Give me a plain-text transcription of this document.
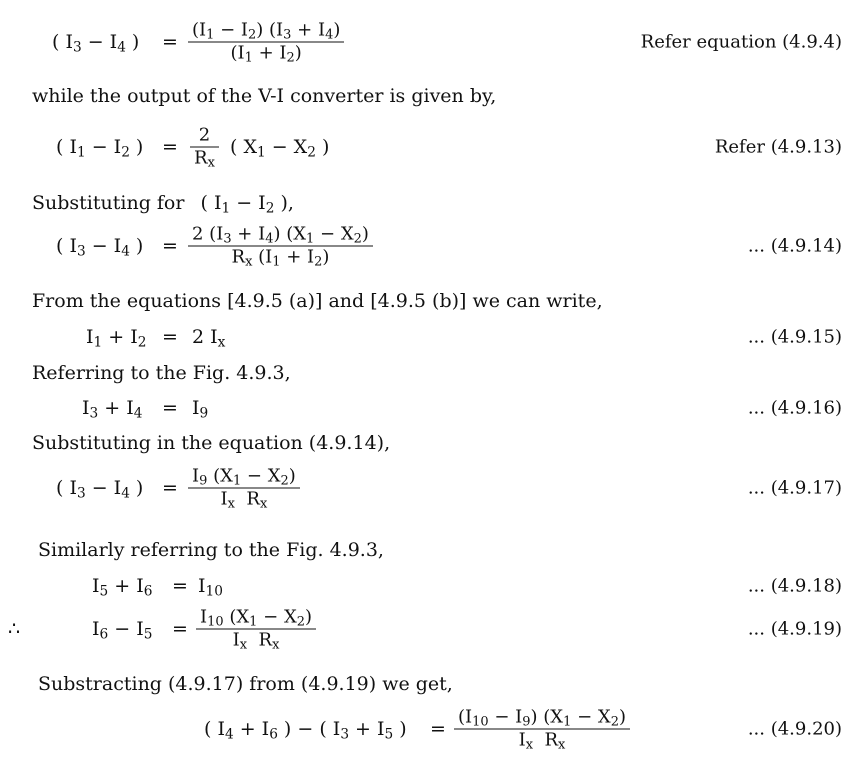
( $I_3 - I_4$ ) = $\frac{(I_1 - I_2) (I_3 + I_4)}{(I_1 + I_2)}$	Refer equation (4.9.4)
while the output of the V-I converter is given by,
( $I_1 - I_2$ ) = $\frac{2}{R_x}$ ( $X_1 - X_2$ )	Refer (4.9.13)
Substituting for ( $I_1 - I_2$ ),
( $I_3 - I_4$ ) = $\frac{2 (I_3 + I_4) (X_1 - X_2)}{R_x (I_1 + I_2)}$	... (4.9.14)
From the equations [4.9.5 (a)] and [4.9.5 (b)] we can write,
$I_1 + I_2 = 2$ $I_x$	... (4.9.15)
Referring to the Fig. 4.9.3,
$I_3 + I_4 = I_9$	... (4.9.16)
Substituting in the equation (4.9.14),
( $I_3 - I_4$ ) = $\frac{I_9 (X_1 - X_2)}{I_x R_x}$	... (4.9.17)
Similarly referring to the Fig. 4.9.3,
$I_5 + I_6 = I_{10}$	... (4.9.18)
∴	$I_6 - I_5 = \frac{I_{10} (X_1 - X_2)}{I_x R_x}$	... (4.9.19)
Substracting (4.9.17) from (4.9.19) we get,
( $I_4 + I_6$ ) − ( $I_3 + I_5$ ) = $\frac{(I_{10} - I_9) (X_1 - X_2)}{I_x R_x}$	... (4.9.20)
